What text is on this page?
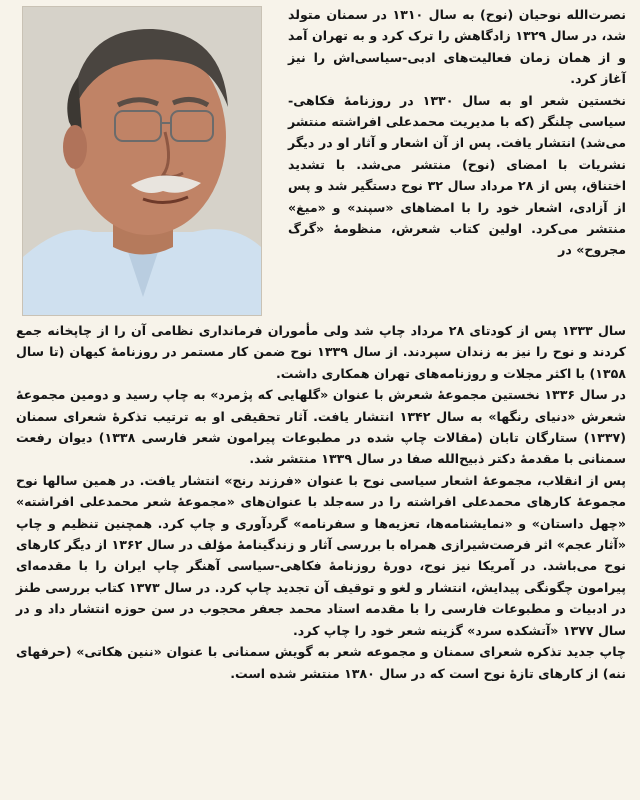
نصرت‌الله نوحیان (نوح) به سال ۱۳۱۰ در سمنان متولد شد، در سال ۱۳۲۹ زادگاهش را ترک کرد و به تهران آمد و از همان زمان فعالیت‌های ادبی-سیاسی‌اش را نیز آغاز کرد.

نخستین شعر او به سال ۱۳۳۰ در روزنامهٔ فکاهی-سیاسی چلنگر (که با مدیریت محمدعلی افراشته منتشر می‌شد) انتشار یافت. پس از آن اشعار و آثار او در دیگر نشریات با امضای (نوح) منتشر می‌شد. با تشدید اختناق، پس از ۲۸ مرداد سال ۳۲ نوح دستگیر شد و پس از آزادی، اشعار خود را با امضاهای «سپند» و «میغ» منتشر می‌کرد. اولین کتاب شعرش، منظومهٔ «گرگ مجروح» در

سال ۱۳۳۳ پس از کودتای ۲۸ مرداد چاپ شد ولی مأموران فرمانداری نظامی آن را از چاپخانه جمع کردند و نوح را نیز به زندان سپردند. از سال ۱۳۳۹ نوح ضمن کار مستمر در روزنامهٔ کیهان (تا سال ۱۳۵۸) با اکثر مجلات و روزنامه‌های تهران همکاری داشت.

در سال ۱۳۳۶ نخستین مجموعهٔ شعرش با عنوان «گلهایی که پژمرد» به چاپ رسید و دومین مجموعهٔ شعرش «دنیای رنگها» به سال ۱۳۴۲ انتشار یافت. آثار تحقیقی او به ترتیب تذکرهٔ شعرای سمنان (۱۳۳۷) ستارگان تابان (مقالات چاپ شده در مطبوعات پیرامون شعر فارسی ۱۳۳۸) دیوان رفعت سمنانی با مقدمهٔ دکتر ذبیح‌الله صفا در سال ۱۳۳۹ منتشر شد.

پس از انقلاب، مجموعهٔ اشعار سیاسی نوح با عنوان «فرزند رنج» انتشار یافت. در همین سالها نوح مجموعهٔ کارهای محمدعلی افراشته را در سه‌جلد با عنوان‌های «مجموعهٔ شعر محمدعلی افراشته» «چهل داستان» و «نمایشنامه‌ها، تعزیه‌ها و سفرنامه» گردآوری و چاپ کرد. همچنین تنظیم و چاپ «آثار عجم» اثر فرصت‌شیرازی همراه با بررسی آثار و زندگینامهٔ مؤلف در سال ۱۳۶۲ از دیگر کارهای نوح می‌باشد. در آمریکا نیز نوح، دورهٔ روزنامهٔ فکاهی-سیاسی آهنگر چاپ ایران را با مقدمه‌ای پیرامون چگونگی پیدایش، انتشار و لغو و توقیف آن تجدید چاپ کرد. در سال ۱۳۷۳ کتاب بررسی طنز در ادبیات و مطبوعات فارسی را با مقدمه استاد محمد جعفر محجوب در سن حوزه انتشار داد و در سال ۱۳۷۷ «آتشکده سرد» گزینه شعر خود را چاپ کرد.

چاپ جدید تذکره شعرای سمنان و مجموعه شعر به گویش سمنانی با عنوان «ننین هکاتی» (حرفهای ننه) از کارهای تازهٔ نوح است که در سال ۱۳۸۰ منتشر شده است.
